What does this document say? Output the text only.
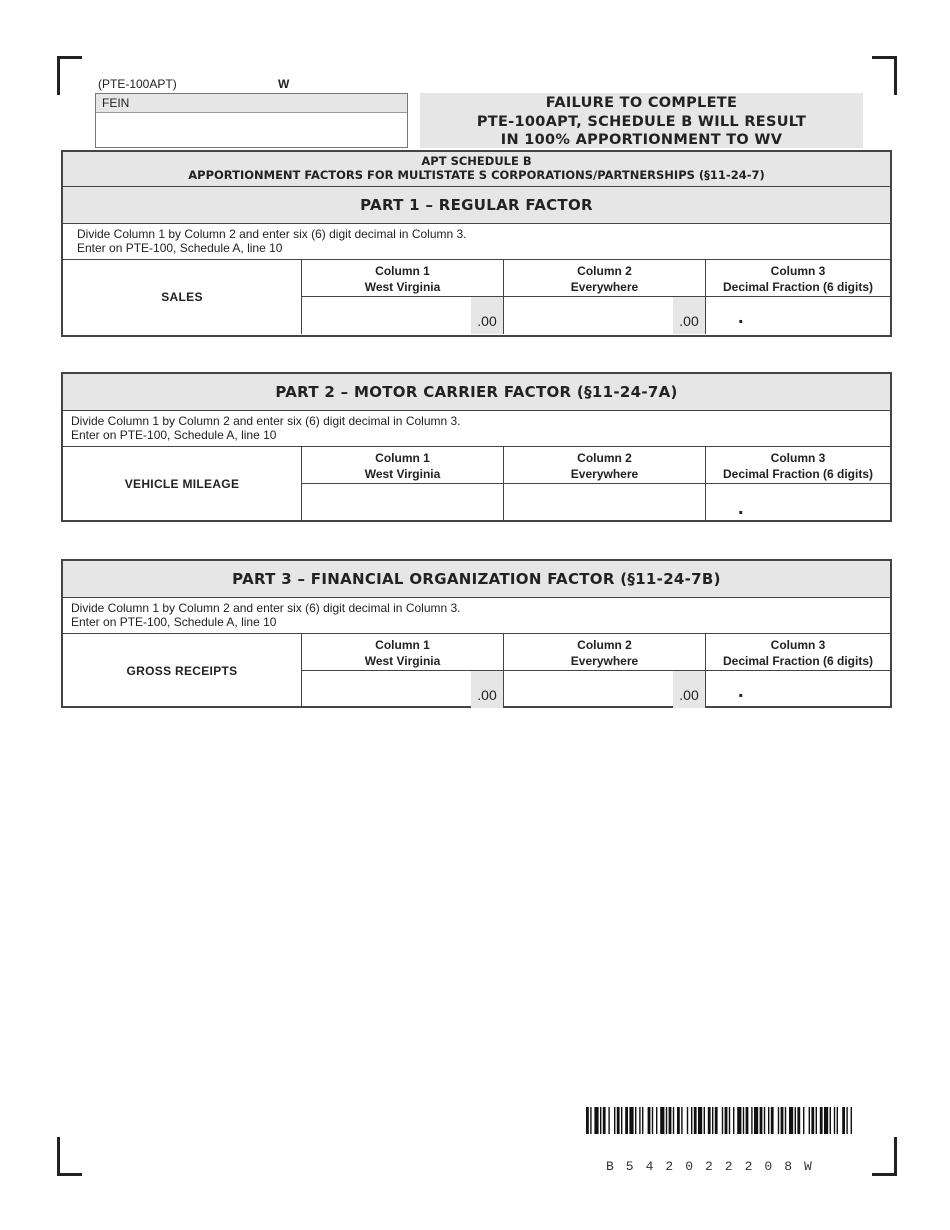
(PTE-100APT)	W
FEIN	FAILURE TO COMPLETE
PTE-100APT, SCHEDULE B WILL RESULT
IN 100% APPORTIONMENT TO WV
APT SCHEDULE B
APPORTIONMENT FACTORS FOR MULTISTATE S CORPORATIONS/PARTNERSHIPS (§11-24-7)
PART 1 – REGULAR FACTOR
Divide Column 1 by Column 2 and enter six (6) digit decimal in Column 3.
Enter on PTE-100, Schedule A, line 10
SALES
Column 1
West Virginia
.00
Column 2
Everywhere
.00
Column 3
Decimal Fraction (6 digits)
.
PART 2 – MOTOR CARRIER FACTOR (§11-24-7A)
Divide Column 1 by Column 2 and enter six (6) digit decimal in Column 3.
Enter on PTE-100, Schedule A, line 10
VEHICLE MILEAGE
Column 1
West Virginia
Column 2
Everywhere
Column 3
Decimal Fraction (6 digits)
.
PART 3 – FINANCIAL ORGANIZATION FACTOR (§11-24-7B)
Divide Column 1 by Column 2 and enter six (6) digit decimal in Column 3.
Enter on PTE-100, Schedule A, line 10
GROSS RECEIPTS
Column 1
West Virginia
.00
Column 2
Everywhere
.00
Column 3
Decimal Fraction (6 digits)
.
B542022208W
